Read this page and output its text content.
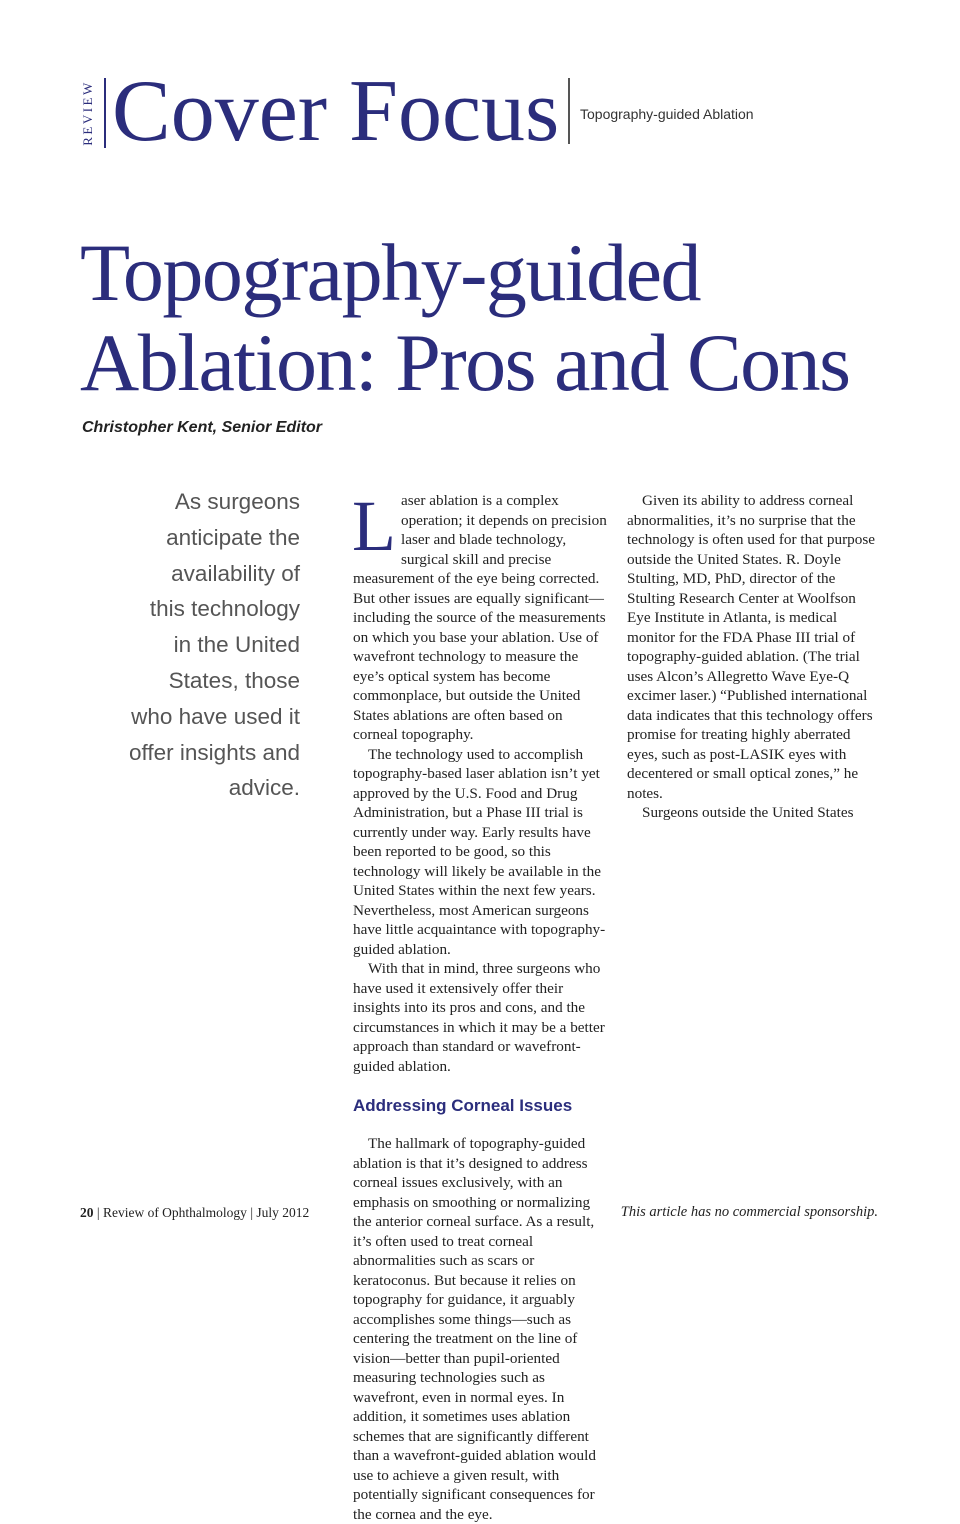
REVIEW Cover Focus Topography-guided Ablation
Topography-guided
Ablation: Pros and Cons
Christopher Kent, Senior Editor
As surgeons
anticipate the
availability of
this technology
in the United
States, those
who have used it
offer insights and
advice.

Laser ablation is a complex operation; it depends on precision laser and blade technology, surgical skill and precise measurement of the eye being corrected. But other issues are equally significant—including the source of the measurements on which you base your ablation. Use of wavefront technology to measure the eye’s optical system has become commonplace, but outside the United States ablations are often based on corneal topography.

The technology used to accomplish topography-based laser ablation isn’t yet approved by the U.S. Food and Drug Administration, but a Phase III trial is currently under way. Early results have been reported to be good, so this technology will likely be available in the United States within the next few years. Nevertheless, most American surgeons have little acquaintance with topography-guided ablation.

With that in mind, three surgeons who have used it extensively offer their insights into its pros and cons, and the circumstances in which it may be a better approach than standard or wavefront-guided ablation.

Addressing Corneal Issues

The hallmark of topography-guided ablation is that it’s designed to address corneal issues exclusively, with an emphasis on smoothing or normalizing the anterior corneal surface. As a result, it’s often used to treat corneal abnormalities such as scars or keratoconus. But because it relies on topography for guidance, it arguably accomplishes some things—such as centering the treatment on the line of vision—better than pupil-oriented measuring technologies such as wavefront, even in normal eyes. In addition, it sometimes uses ablation schemes that are significantly different than a wavefront-guided ablation would use to achieve a given result, with potentially significant consequences for the cornea and the eye.

Given its ability to address corneal abnormalities, it’s no surprise that the technology is often used for that purpose outside the United States. R. Doyle Stulting, MD, PhD, director of the Stulting Research Center at Woolfson Eye Institute in Atlanta, is medical monitor for the FDA Phase III trial of topography-guided ablation. (The trial uses Alcon’s Allegretto Wave Eye-Q excimer laser.) “Published international data indicates that this technology offers promise for treating highly aberrated eyes, such as post-LASIK eyes with decentered or small optical zones,” he notes.

Surgeons outside the United States

20 | Review of Ophthalmology | July 2012	This article has no commercial sponsorship.
